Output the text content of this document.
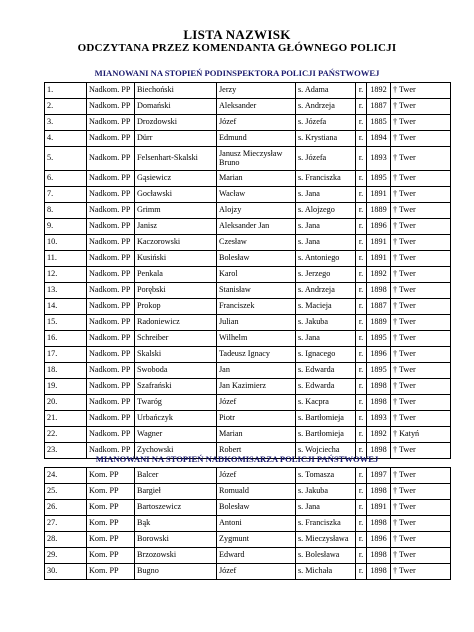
LISTA NAZWISK
ODCZYTANA PRZEZ KOMENDANTA GŁÓWNEGO POLICJI
MIANOWANI NA STOPIEŃ PODINSPEKTORA POLICJI PAŃSTWOWEJ
1.	Nadkom. PP	Biechoński	Jerzy	s. Adama	r.	1892	† Twer
2.	Nadkom. PP	Domański	Aleksander	s. Andrzeja	r.	1887	† Twer
3.	Nadkom. PP	Drozdowski	Józef	s. Józefa	r.	1885	† Twer
4.	Nadkom. PP	Dürr	Edmund	s. Krystiana	r.	1894	† Twer
5.	Nadkom. PP	Felsenhart-Skalski	Janusz Mieczysław Bruno	s. Józefa	r.	1893	† Twer
6.	Nadkom. PP	Gąsiewicz	Marian	s. Franciszka	r.	1895	† Twer
7.	Nadkom. PP	Gocławski	Wacław	s. Jana	r.	1891	† Twer
8.	Nadkom. PP	Grimm	Alojzy	s. Alojzego	r.	1889	† Twer
9.	Nadkom. PP	Janisz	Aleksander Jan	s. Jana	r.	1896	† Twer
10.	Nadkom. PP	Kaczorowski	Czesław	s. Jana	r.	1891	† Twer
11.	Nadkom. PP	Kusiński	Bolesław	s. Antoniego	r.	1891	† Twer
12.	Nadkom. PP	Penkala	Karol	s. Jerzego	r.	1892	† Twer
13.	Nadkom. PP	Porębski	Stanisław	s. Andrzeja	r.	1898	† Twer
14.	Nadkom. PP	Prokop	Franciszek	s. Macieja	r.	1887	† Twer
15.	Nadkom. PP	Radoniewicz	Julian	s. Jakuba	r.	1889	† Twer
16.	Nadkom. PP	Schreiber	Wilhelm	s. Jana	r.	1895	† Twer
17.	Nadkom. PP	Skalski	Tadeusz Ignacy	s. Ignacego	r.	1896	† Twer
18.	Nadkom. PP	Swoboda	Jan	s. Edwarda	r.	1895	† Twer
19.	Nadkom. PP	Szafrański	Jan Kazimierz	s. Edwarda	r.	1898	† Twer
20.	Nadkom. PP	Twaróg	Józef	s. Kacpra	r.	1898	† Twer
21.	Nadkom. PP	Urbańczyk	Piotr	s. Bartłomieja	r.	1893	† Twer
22.	Nadkom. PP	Wagner	Marian	s. Bartłomieja	r.	1892	† Katyń
23.	Nadkom. PP	Zychowski	Robert	s. Wojciecha	r.	1898	† Twer
MIANOWANI NA STOPIEŃ NADKOMISARZA POLICJI PAŃSTWOWEJ
24.	Kom. PP	Balcer	Józef	s. Tomasza	r.	1897	† Twer
25.	Kom. PP	Bargieł	Romuald	s. Jakuba	r.	1898	† Twer
26.	Kom. PP	Bartoszewicz	Bolesław	s. Jana	r.	1891	† Twer
27.	Kom. PP	Bąk	Antoni	s. Franciszka	r.	1898	† Twer
28.	Kom. PP	Borowski	Zygmunt	s. Mieczysława	r.	1896	† Twer
29.	Kom. PP	Brzozowski	Edward	s. Bolesława	r.	1898	† Twer
30.	Kom. PP	Bugno	Józef	s. Michała	r.	1898	† Twer
